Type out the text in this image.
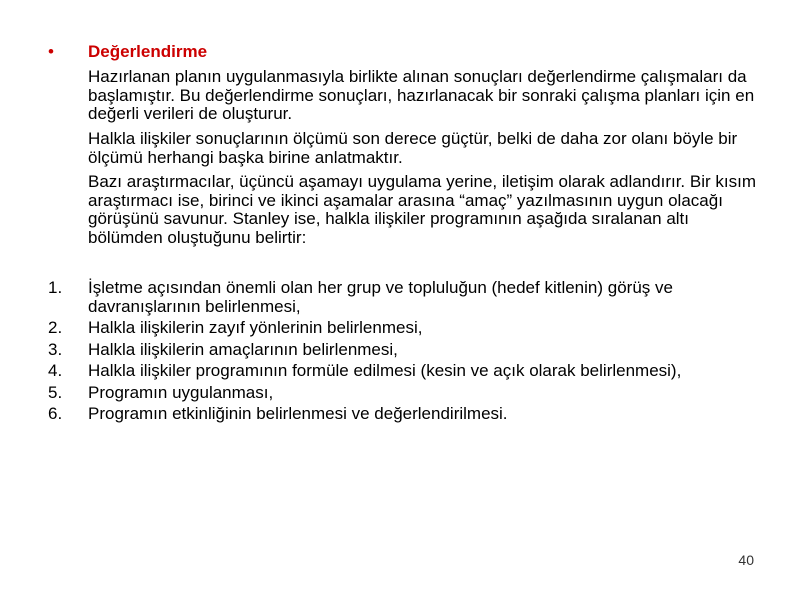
• Değerlendirme

Hazırlanan planın uygulanmasıyla birlikte alınan sonuçları değerlendirme çalışmaları da başlamıştır. Bu değerlendirme sonuçları, hazırlanacak bir sonraki çalışma planları için en değerli verileri de oluşturur.

Halkla ilişkiler sonuçlarının ölçümü son derece güçtür, belki de daha zor olanı böyle bir ölçümü herhangi başka birine anlatmaktır.

Bazı araştırmacılar, üçüncü aşamayı uygulama yerine, iletişim olarak adlandırır. Bir kısım araştırmacı ise, birinci ve ikinci aşamalar arasına “amaç” yazılmasının uygun olacağı görüşünü savunur. Stanley ise, halkla ilişkiler programının aşağıda sıralanan altı bölümden oluştuğunu belirtir:

1.	İşletme açısından önemli olan her grup ve topluluğun (hedef kitlenin) görüş ve davranışlarının belirlenmesi,
2.	Halkla ilişkilerin zayıf yönlerinin belirlenmesi,
3.	Halkla ilişkilerin amaçlarının belirlenmesi,
4.	Halkla ilişkiler programının formüle edilmesi (kesin ve açık olarak belirlenmesi),
5.	Programın uygulanması,
6.	Programın etkinliğinin belirlenmesi ve değerlendirilmesi.
40
